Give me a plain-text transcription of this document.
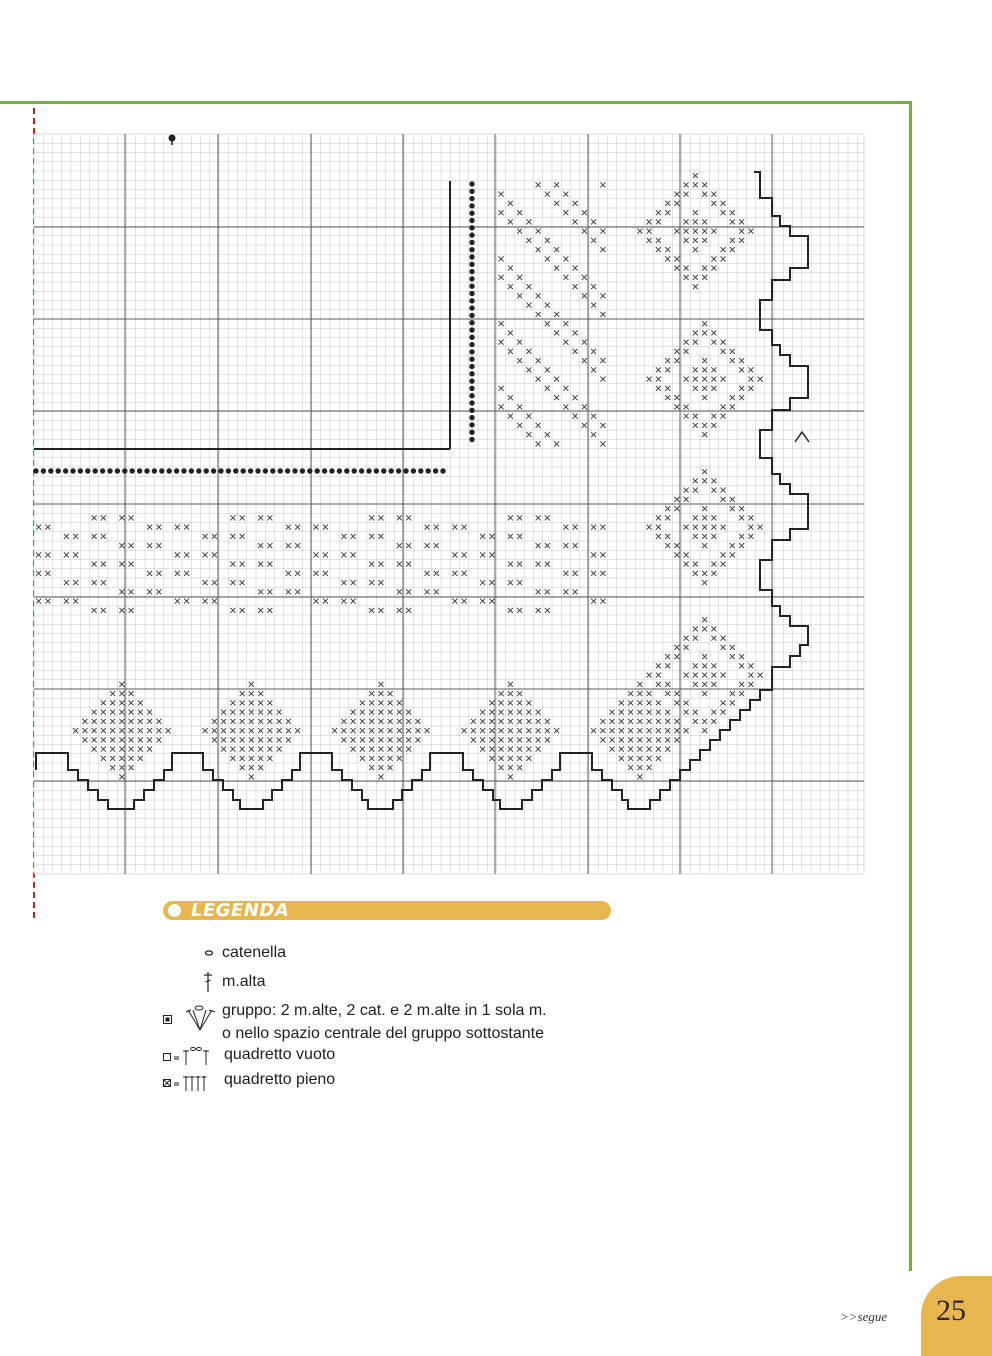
LEGENDA
catenella
m.alta
gruppo: 2 m.alte, 2 cat. e 2 m.alte in 1 sola m.
o nello spazio centrale del gruppo sottostante
quadretto vuoto
quadretto pieno
>>segue 25
